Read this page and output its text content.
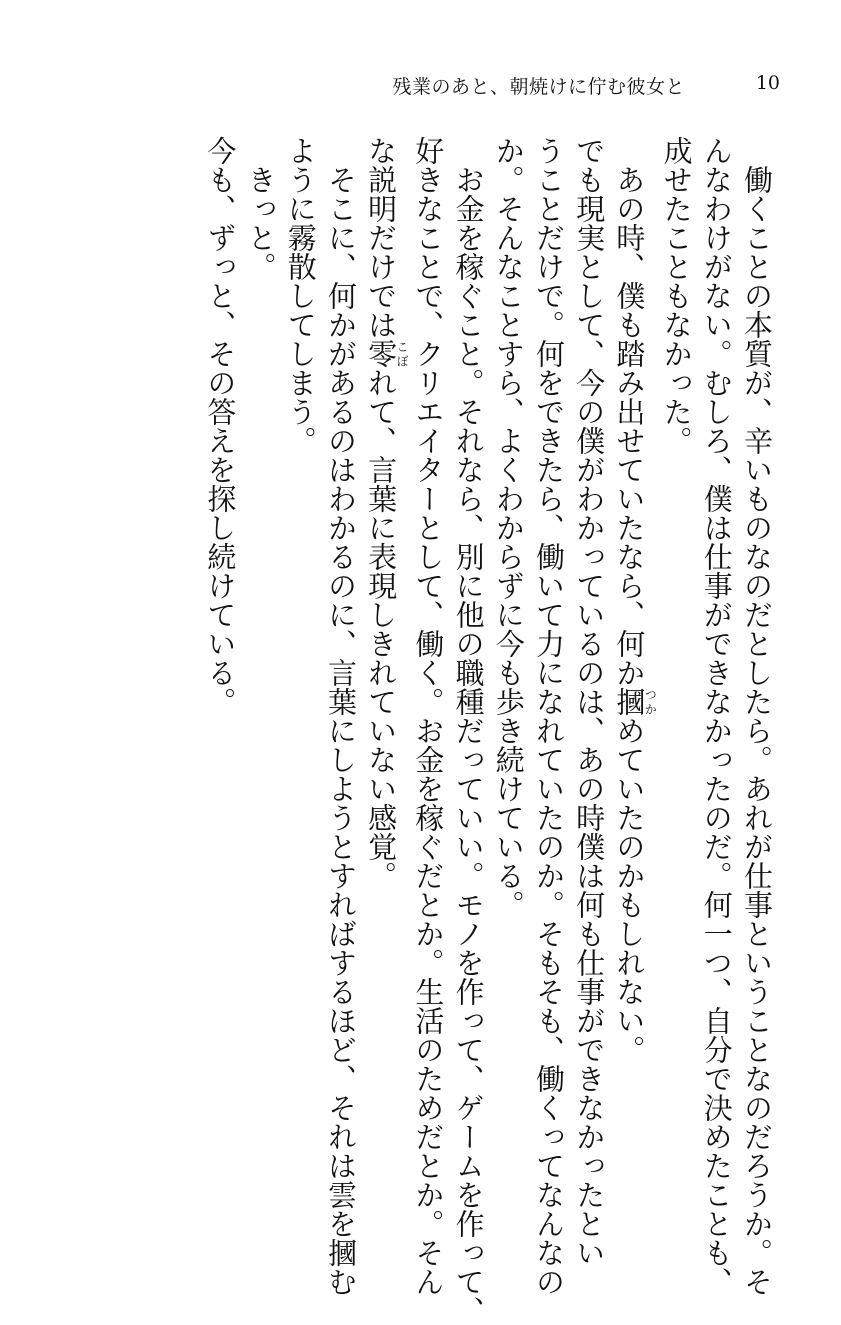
残業のあと、朝焼けに佇む彼女と	10
働くことの本質が、辛いものなのだとしたら。あれが仕事ということなのだろうか。そ
んなわけがない。むしろ、僕は仕事ができなかったのだ。何一つ、自分で決めたことも、
成せたこともなかった。
あの時、僕も踏み出せていたなら、何か摑つかめていたのかもしれない。
でも現実として、今の僕がわかっているのは、あの時僕は何も仕事ができなかったとい
うことだけで。何をできたら、働いて力になれていたのか。そもそも、働くってなんなの
か。そんなことすら、よくわからずに今も歩き続けている。
お金を稼ぐこと。それなら、別に他の職種だっていい。モノを作って、ゲームを作って、
好きなことで、クリエイターとして、働く。お金を稼ぐだとか。生活のためだとか。そん
な説明だけでは零こぼれて、言葉に表現しきれていない感覚。
そこに、何かがあるのはわかるのに、言葉にしようとすればするほど、それは雲を摑む
ように霧散してしまう。
きっと。
今も、ずっと、その答えを探し続けている。
